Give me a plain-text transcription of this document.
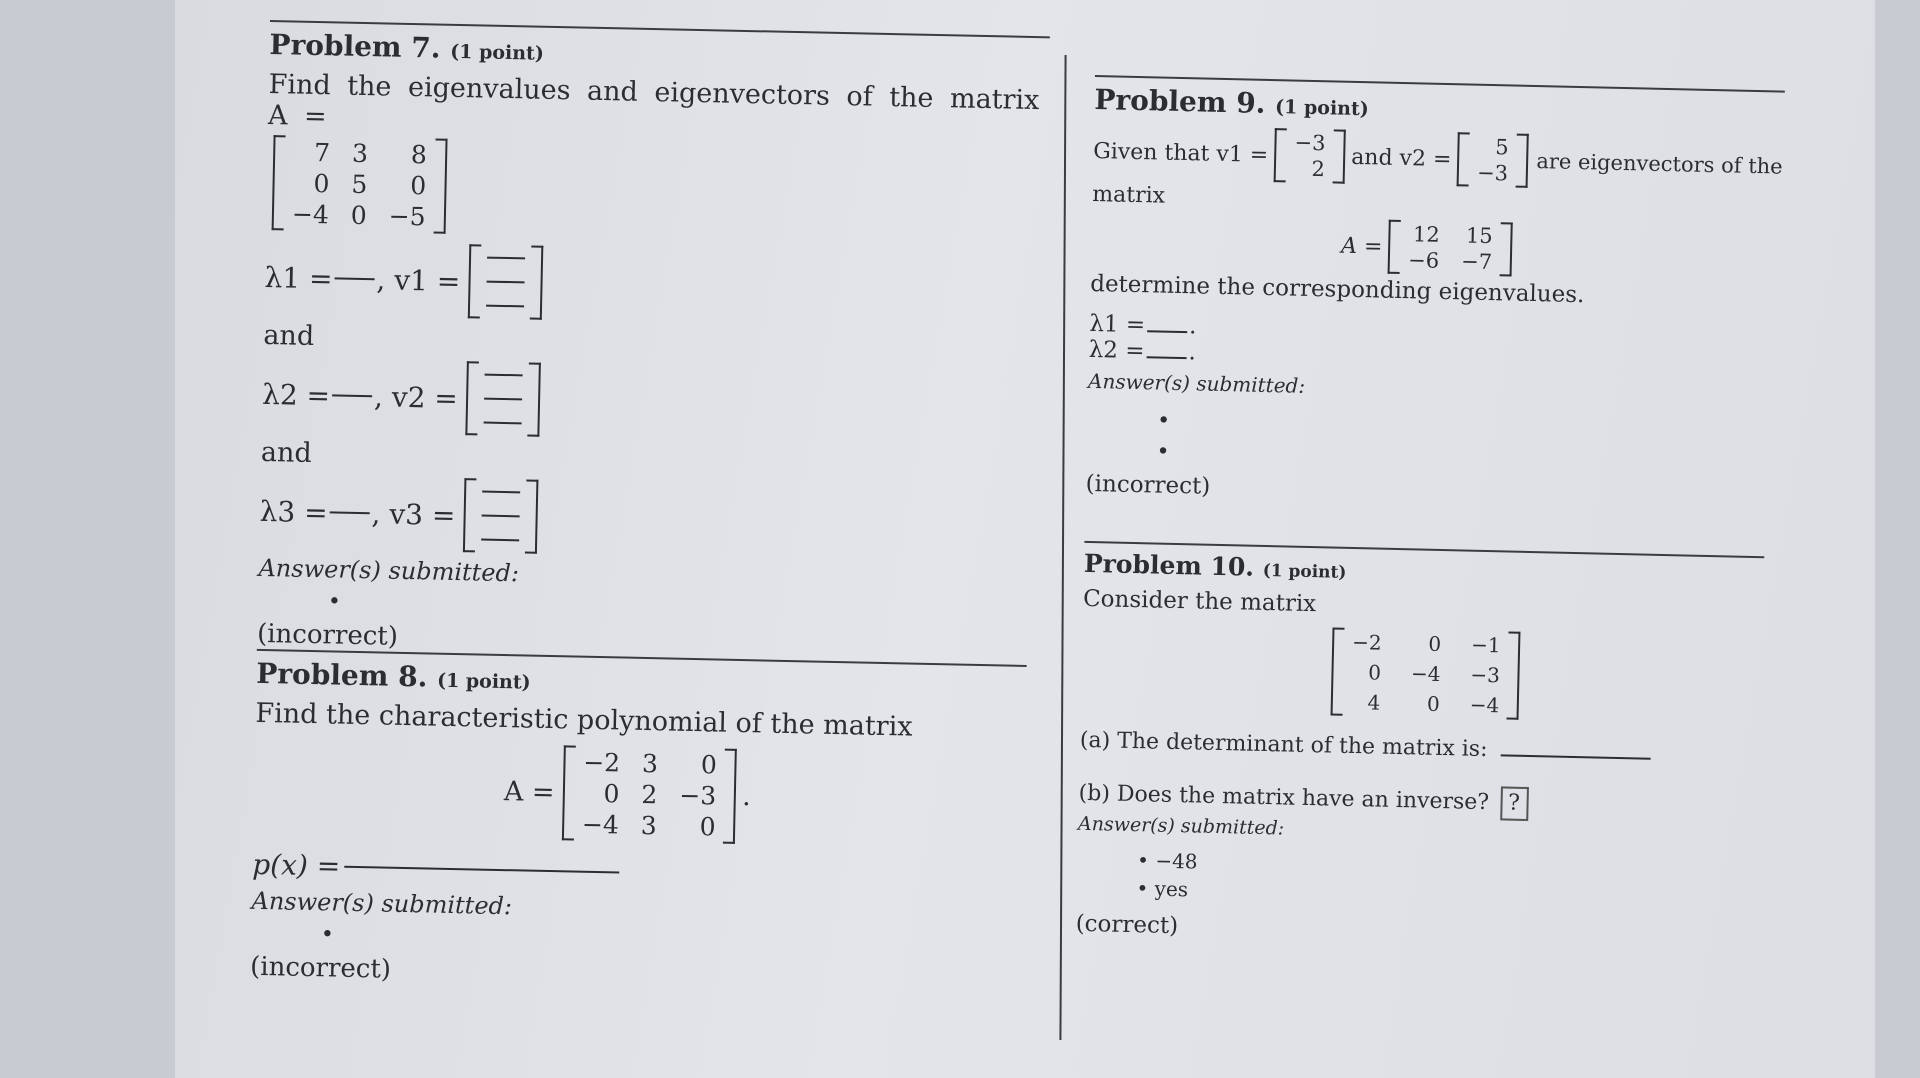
Problem 7. (1 point)
Find the eigenvalues and eigenvectors of the matrix A =
7 3	8
0 5	0
−4 0 −5
λ1 = , v1 =
and
λ2 = , v2 =
and
λ3 = , v3 =
Answer(s) submitted:
•
(incorrect)
Problem 8. (1 point)
Find the characteristic polynomial of the matrix
A =
−2 3	0
0 2 −3
−4 3	0
.
p(x) =
Answer(s) submitted:
•
(incorrect)
Problem 9. (1 point)
Given that v1 = −3
2 and v2 =	5
−3 are eigenvectors of the
matrix
A = 12 15
−6 −7
determine the corresponding eigenvalues.
λ1 = .
λ2 = .
Answer(s) submitted:
•
•
(incorrect)
Problem 10. (1 point)
Consider the matrix
−2	0 −1
0 −4 −3
4	0 −4
(a) The determinant of the matrix is:
(b) Does the matrix have an inverse? ?
Answer(s) submitted:
• −48
• yes
(correct)
